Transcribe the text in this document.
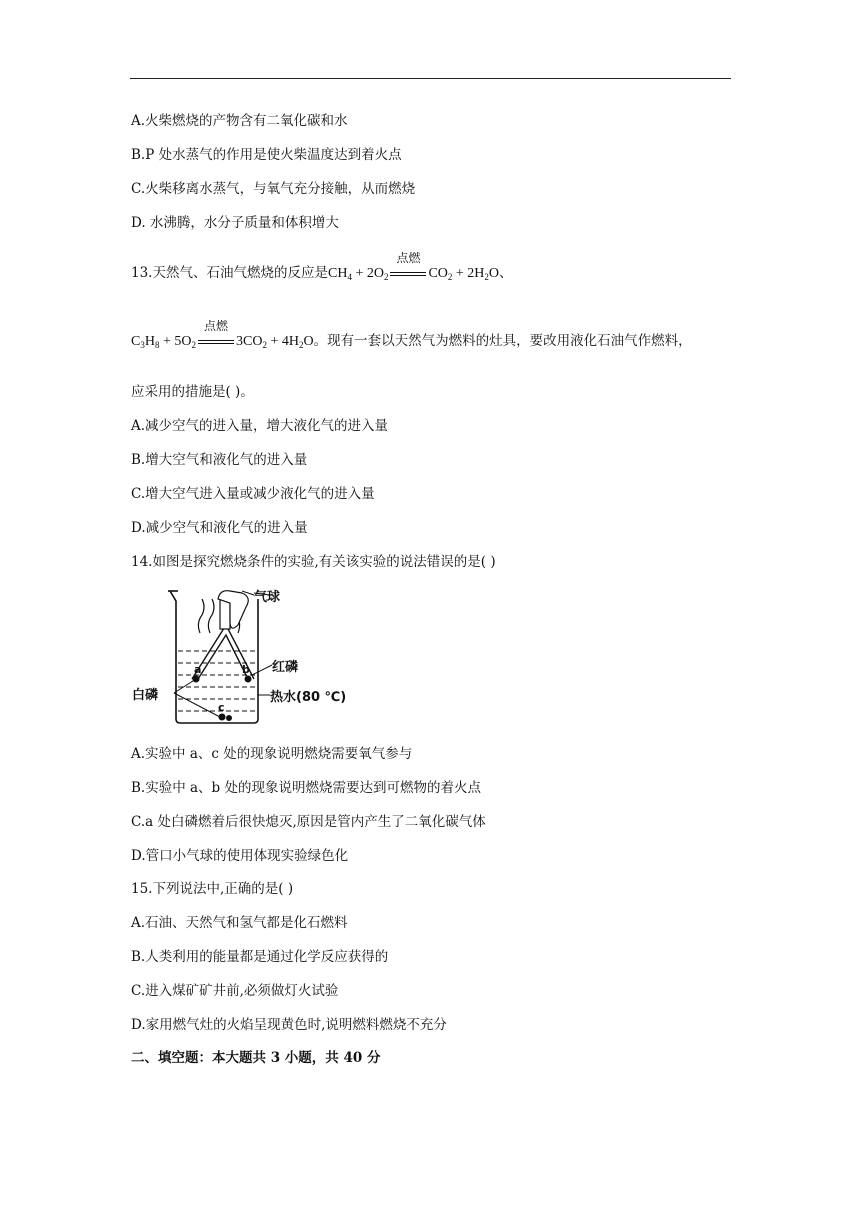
A.火柴燃烧的产物含有二氧化碳和水
B.P 处水蒸气的作用是使火柴温度达到着火点
C.火柴移离水蒸气，与氧气充分接触，从而燃烧
D. 水沸腾，水分子质量和体积增大
13.天然气、石油气燃烧的反应是$CH_4 + 2O_2$
点燃
$CO_2 + 2H_2O$、
$C_3H_8 + 5O_2$
点燃
$3CO_2 + 4H_2O$。现有一套以天然气为燃料的灶具，要改用液化石油气作燃料，
应采用的措施是( )。
A.减少空气的进入量，增大液化气的进入量
B.增大空气和液化气的进入量
C.增大空气进入量或减少液化气的进入量
D.减少空气和液化气的进入量
14.如图是探究燃烧条件的实验,有关该实验的说法错误的是( )
气球
红磷
白磷	热水(80 ℃)
a	b
c
A.实验中 a、c 处的现象说明燃烧需要氧气参与
B.实验中 a、b 处的现象说明燃烧需要达到可燃物的着火点
C.a 处白磷燃着后很快熄灭,原因是管内产生了二氧化碳气体
D.管口小气球的使用体现实验绿色化
15.下列说法中,正确的是( )
A.石油、天然气和氢气都是化石燃料
B.人类利用的能量都是通过化学反应获得的
C.进入煤矿矿井前,必须做灯火试验
D.家用燃气灶的火焰呈现黄色时,说明燃料燃烧不充分
二、填空题：本大题共 3 小题，共 40 分
